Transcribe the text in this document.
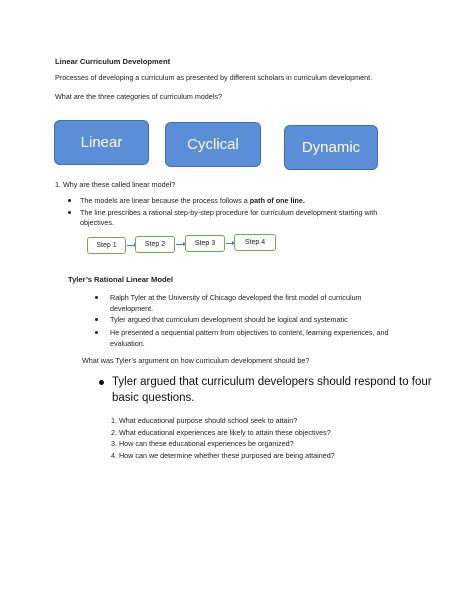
Linear Curriculum Development
Processes of developing a curriculum as presented by different scholars in curriculum development.
What are the three categories of curriculum models?
Linear	Cyclical	Dynamic
1. Why are these called linear model?
The models are linear because the process follows a path of one line.
The line prescribes a rational step-by-step procedure for curriculum development starting with
objectives.
Step 1	Step 2	Step 3	Step 4
Tyler’s Rational Linear Model
Ralph Tyler at the University of Chicago developed the first model of curriculum
development.
Tyler argued that curriculum development should be logical and systematic
He presented a sequential pattern from objectives to content, learning experiences, and
evaluation.
What was Tyler’s argument on how curriculum development should be?
Tyler argued that curriculum developers should respond to four
basic questions.
1. What educational purpose should school seek to attain?
2. What educational experiences are likely to attain these objectives?
3. How can these educational experiences be organized?
4. How can we determine whether these purposed are being attained?
